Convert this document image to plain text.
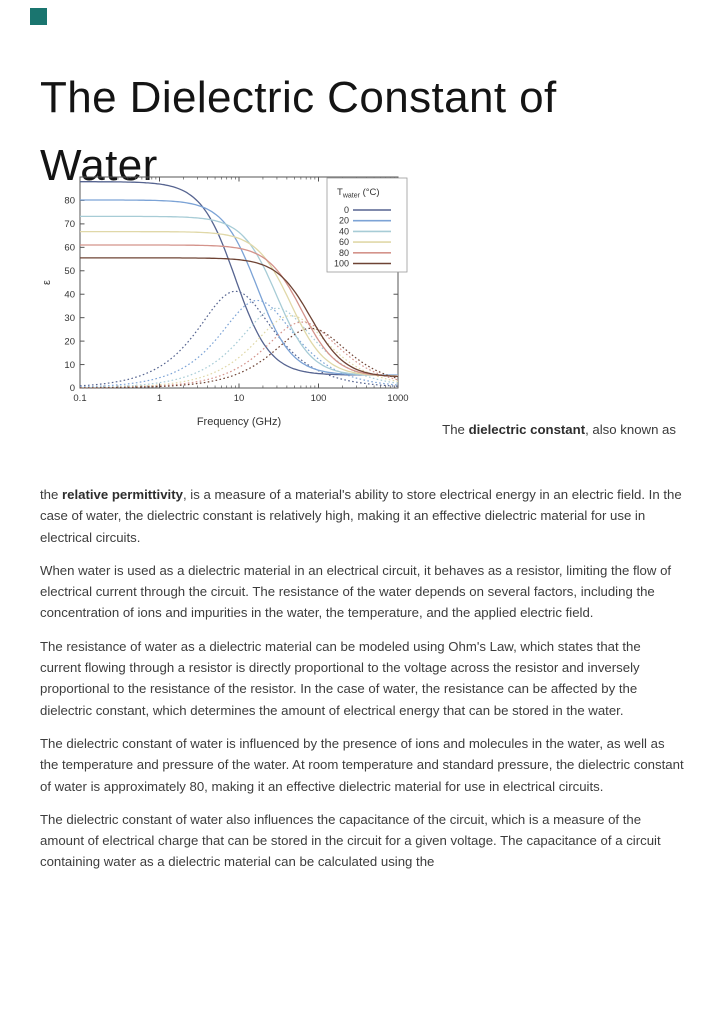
The Dielectric Constant of
Water
0.1	1	10	100	1000
Frequency (GHz)
0
10
20
30
40
50
60
70
80
ε
$T_{water}$ (°C)
0
20
40
60
80
100
The dielectric constant, also known as

the relative permittivity, is a measure of a material's ability to store electrical energy in an electric field. In the case of water, the dielectric constant is relatively high, making it an effective dielectric material for use in electrical circuits.

When water is used as a dielectric material in an electrical circuit, it behaves as a resistor, limiting the flow of electrical current through the circuit. The resistance of the water depends on several factors, including the concentration of ions and impurities in the water, the temperature, and the applied electric field.

The resistance of water as a dielectric material can be modeled using Ohm's Law, which states that the current flowing through a resistor is directly proportional to the voltage across the resistor and inversely proportional to the resistance of the resistor. In the case of water, the resistance can be affected by the dielectric constant, which determines the amount of electrical energy that can be stored in the water.

The dielectric constant of water is influenced by the presence of ions and molecules in the water, as well as the temperature and pressure of the water. At room temperature and standard pressure, the dielectric constant of water is approximately 80, making it an effective dielectric material for use in electrical circuits.

The dielectric constant of water also influences the capacitance of the circuit, which is a measure of the amount of electrical charge that can be stored in the circuit for a given voltage. The capacitance of a circuit containing water as a dielectric material can be calculated using the
